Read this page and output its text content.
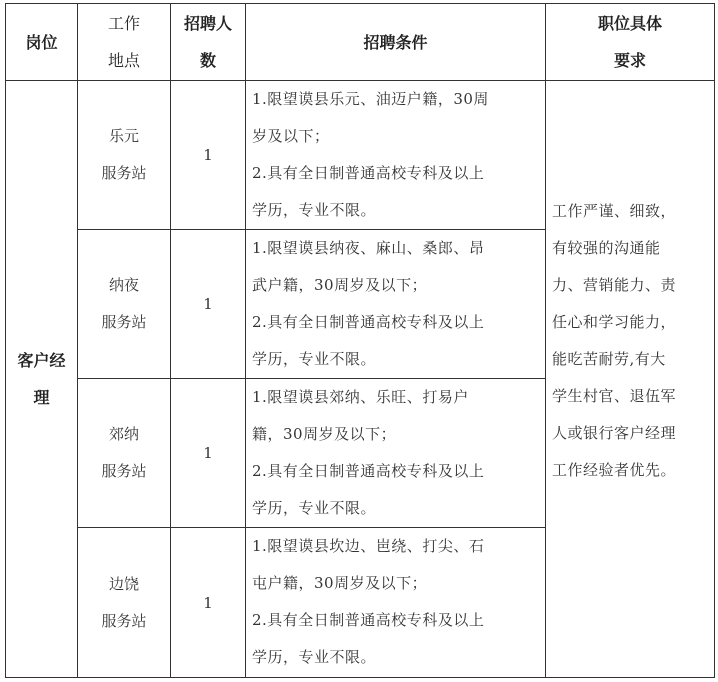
岗位
工作
地点
招聘人
数
招聘条件
职位具体
要求
客户经
理
乐元
服务站
1
1.限望谟县乐元、油迈户籍，30周
岁及以下；
2.具有全日制普通高校专科及以上
学历，专业不限。
纳夜
服务站
1
1.限望谟县纳夜、麻山、桑郎、昂
武户籍，30周岁及以下；
2.具有全日制普通高校专科及以上
学历，专业不限。
郊纳
服务站
1
1.限望谟县郊纳、乐旺、打易户
籍，30周岁及以下；
2.具有全日制普通高校专科及以上
学历，专业不限。
边饶
服务站
1
1.限望谟县坎边、岜绕、打尖、石
屯户籍，30周岁及以下；
2.具有全日制普通高校专科及以上
学历，专业不限。
工作严谨、细致，
有较强的沟通能
力、营销能力、责
任心和学习能力，
能吃苦耐劳,有大
学生村官、退伍军
人或银行客户经理
工作经验者优先。
